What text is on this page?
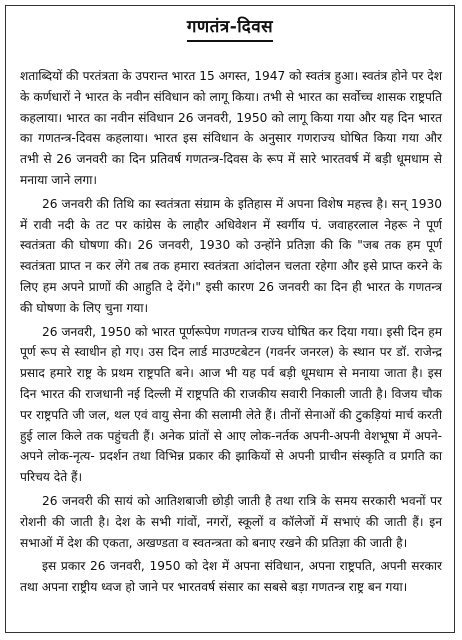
गणतंत्र-दिवस

शताब्दियों की परतंत्रता के उपरान्त भारत 15 अगस्त, 1947 को स्वतंत्र हुआ। स्वतंत्र होने पर देश के कर्णधारों ने भारत के नवीन संविधान को लागू किया। तभी से भारत का सर्वोच्च शासक राष्ट्रपति कहलाया। भारत का नवीन संविधान 26 जनवरी, 1950 को लागू किया गया और यह दिन भारत का गणतन्त्र-दिवस कहलाया। भारत इस संविधान के अनुसार गणराज्य घोषित किया गया और तभी से 26 जनवरी का दिन प्रतिवर्ष गणतन्त्र-दिवस के रूप में सारे भारतवर्ष में बड़ी धूमधाम से मनाया जाने लगा।

26 जनवरी की तिथि का स्वतंत्रता संग्राम के इतिहास में अपना विशेष महत्त्व है। सन् 1930 में रावी नदी के तट पर कांग्रेस के लाहौर अधिवेशन में स्वर्गीय पं. जवाहरलाल नेहरू ने पूर्ण स्वतंत्रता की घोषणा की। 26 जनवरी, 1930 को उन्होंने प्रतिज्ञा की कि "जब तक हम पूर्ण स्वतंत्रता प्राप्त न कर लेंगे तब तक हमारा स्वतंत्रता आंदोलन चलता रहेगा और इसे प्राप्त करने के लिए हम अपने प्राणों की आहुति दे देंगे।" इसी कारण 26 जनवरी का दिन ही भारत के गणतन्त्र की घोषणा के लिए चुना गया।

26 जनवरी, 1950 को भारत पूर्णरूपेण गणतन्त्र राज्य घोषित कर दिया गया। इसी दिन हम पूर्ण रूप से स्वाधीन हो गए। उस दिन लार्ड माउण्टबेटन (गवर्नर जनरल) के स्थान पर डॉ. राजेन्द्र प्रसाद हमारे राष्ट्र के प्रथम राष्ट्रपति बने। आज भी यह पर्व बड़ी धूमधाम से मनाया जाता है। इस दिन भारत की राजधानी नई दिल्ली में राष्ट्रपति की राजकीय सवारी निकाली जाती है। विजय चौक पर राष्ट्रपति जी जल, थल एवं वायु सेना की सलामी लेते हैं। तीनों सेनाओं की टुकड़ियां मार्च करती हुई लाल किले तक पहुंचती हैं। अनेक प्रांतों से आए लोक-नर्तक अपनी-अपनी वेशभूषा में अपने-अपने लोक-नृत्य- प्रदर्शन तथा विभिन्न प्रकार की झाकियों से अपनी प्राचीन संस्कृति व प्रगति का परिचय देते हैं।

26 जनवरी की सायं को आतिशबाजी छोड़ी जाती है तथा रात्रि के समय सरकारी भवनों पर रोशनी की जाती है। देश के सभी गांवों, नगरों, स्कूलों व कॉलेजों में सभाएं की जाती हैं। इन सभाओं में देश की एकता, अखण्डता व स्वतन्त्रता को बनाए रखने की प्रतिज्ञा की जाती है।

इस प्रकार 26 जनवरी, 1950 को देश में अपना संविधान, अपना राष्ट्रपति, अपनी सरकार तथा अपना राष्ट्रीय ध्वज हो जाने पर भारतवर्ष संसार का सबसे बड़ा गणतन्त्र राष्ट्र बन गया।
